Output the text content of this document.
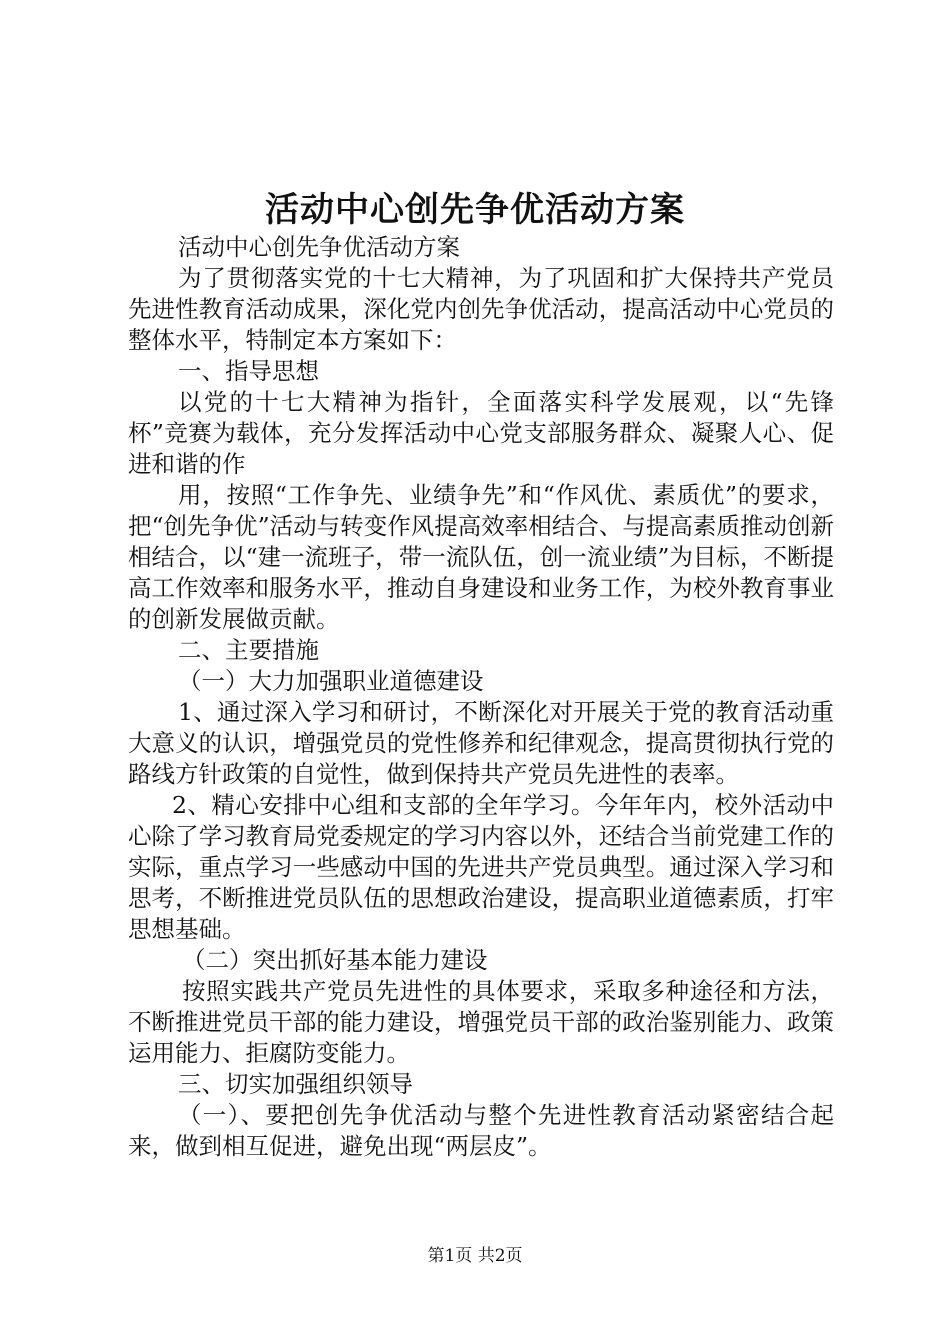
活动中心创先争优活动方案

活动中心创先争优活动方案

为了贯彻落实党的十七大精神，为了巩固和扩大保持共产党员先进性教育活动成果，深化党内创先争优活动，提高活动中心党员的整体水平，特制定本方案如下：

一、指导思想

以党的十七大精神为指针，全面落实科学发展观，以“先锋杯”竞赛为载体，充分发挥活动中心党支部服务群众、凝聚人心、促进和谐的作

用，按照“工作争先、业绩争先”和“作风优、素质优”的要求，把“创先争优”活动与转变作风提高效率相结合、与提高素质推动创新相结合，以“建一流班子，带一流队伍，创一流业绩”为目标，不断提高工作效率和服务水平，推动自身建设和业务工作，为校外教育事业的创新发展做贡献。

二、主要措施

（一）大力加强职业道德建设

1、通过深入学习和研讨，不断深化对开展关于党的教育活动重大意义的认识，增强党员的党性修养和纪律观念，提高贯彻执行党的路线方针政策的自觉性，做到保持共产党员先进性的表率。

2、精心安排中心组和支部的全年学习。今年年内，校外活动中心除了学习教育局党委规定的学习内容以外，还结合当前党建工作的实际，重点学习一些感动中国的先进共产党员典型。通过深入学习和思考，不断推进党员队伍的思想政治建设，提高职业道德素质，打牢思想基础。

（二）突出抓好基本能力建设

按照实践共产党员先进性的具体要求，采取多种途径和方法，不断推进党员干部的能力建设，增强党员干部的政治鉴别能力、政策运用能力、拒腐防变能力。

三、切实加强组织领导

（一）、要把创先争优活动与整个先进性教育活动紧密结合起来，做到相互促进，避免出现“两层皮”。

第1页 共2页
